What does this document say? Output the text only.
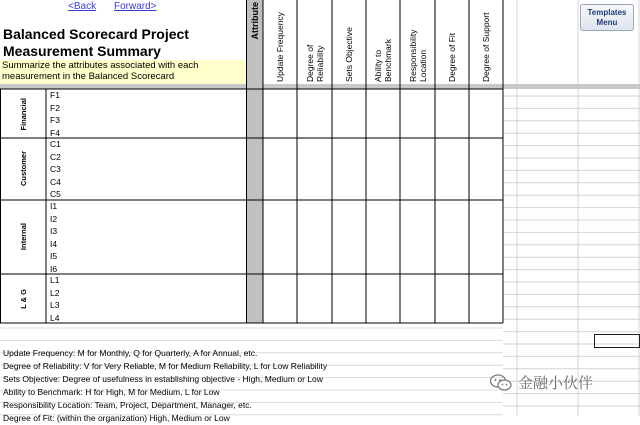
<Back Forward>
Templates
Menu
Balanced Scorecard Project
Measurement Summary
Summarize the attributes associated with each
measurement in the Balanced Scorecard
Attribute Update Frequency Degree of
Reliability Sets Objective Ability to
Benchmark Responsibility
Location Degree of Fit	Degree of Support
Financial
Customer
Internal
L & G
F1
F2
F3
F4
C1
C2
C3
C4
C5
I1
I2
I3
I4
I5
I6
L1
L2
L3
L4
Update Frequency: M for Monthly, Q for Quarterly, A for Annual, etc.
Degree of Reliability: V for Very Reliable, M for Medium Reliability, L for Low Reliability
Sets Objective: Degree of usefulness in establishing objective - High, Medium or Low
Ability to Benchmark: H for High, M for Medium, L for Low
Responsibility Location: Team, Project, Department, Manager, etc.
Degree of Fit: (within the organization) High, Medium or Low
金融小伙伴
